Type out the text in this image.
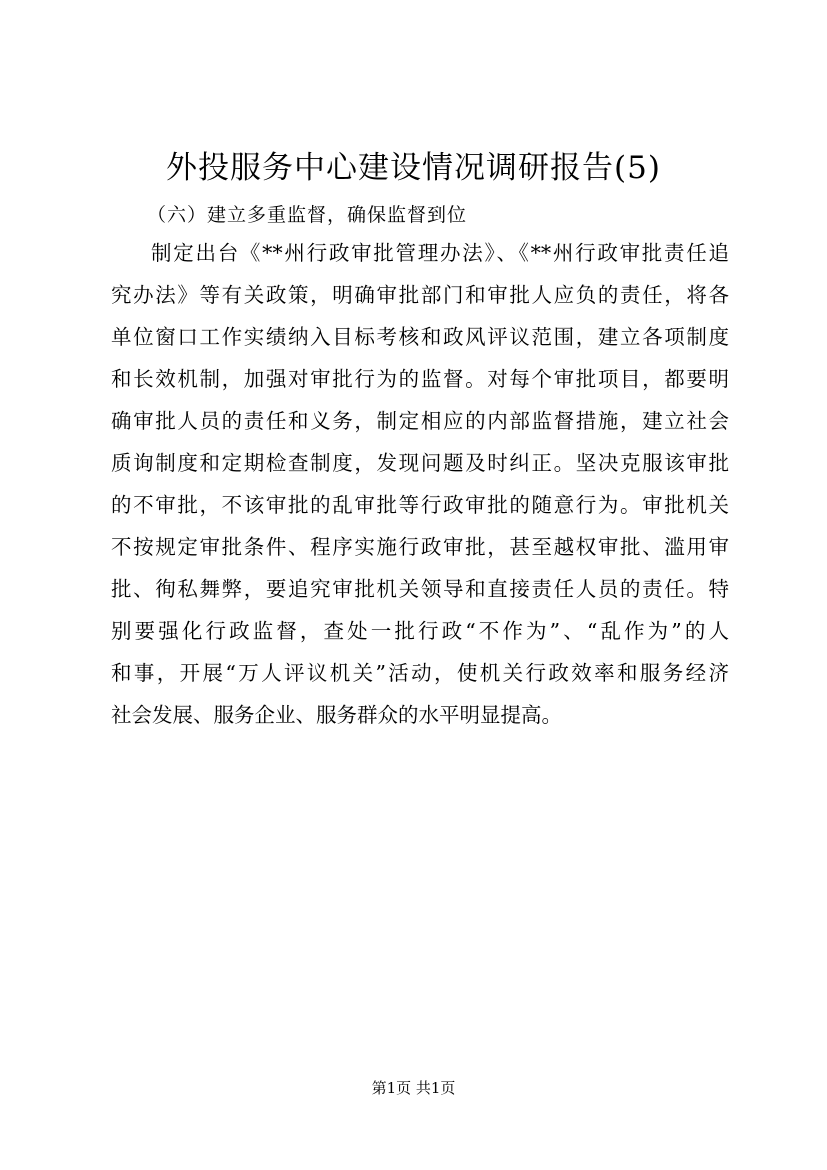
外投服务中心建设情况调研报告(5)
（六）建立多重监督，确保监督到位
制定出台《**州行政审批管理办法》、《**州行政审批责任追
究办法》等有关政策，明确审批部门和审批人应负的责任，将各
单位窗口工作实绩纳入目标考核和政风评议范围，建立各项制度
和长效机制，加强对审批行为的监督。对每个审批项目，都要明
确审批人员的责任和义务，制定相应的内部监督措施，建立社会
质询制度和定期检查制度，发现问题及时纠正。坚决克服该审批
的不审批，不该审批的乱审批等行政审批的随意行为。审批机关
不按规定审批条件、程序实施行政审批，甚至越权审批、滥用审
批、徇私舞弊，要追究审批机关领导和直接责任人员的责任。特
别要强化行政监督，查处一批行政“不作为”、“乱作为”的人
和事，开展“万人评议机关”活动，使机关行政效率和服务经济
社会发展、服务企业、服务群众的水平明显提高。
第1页 共1页
